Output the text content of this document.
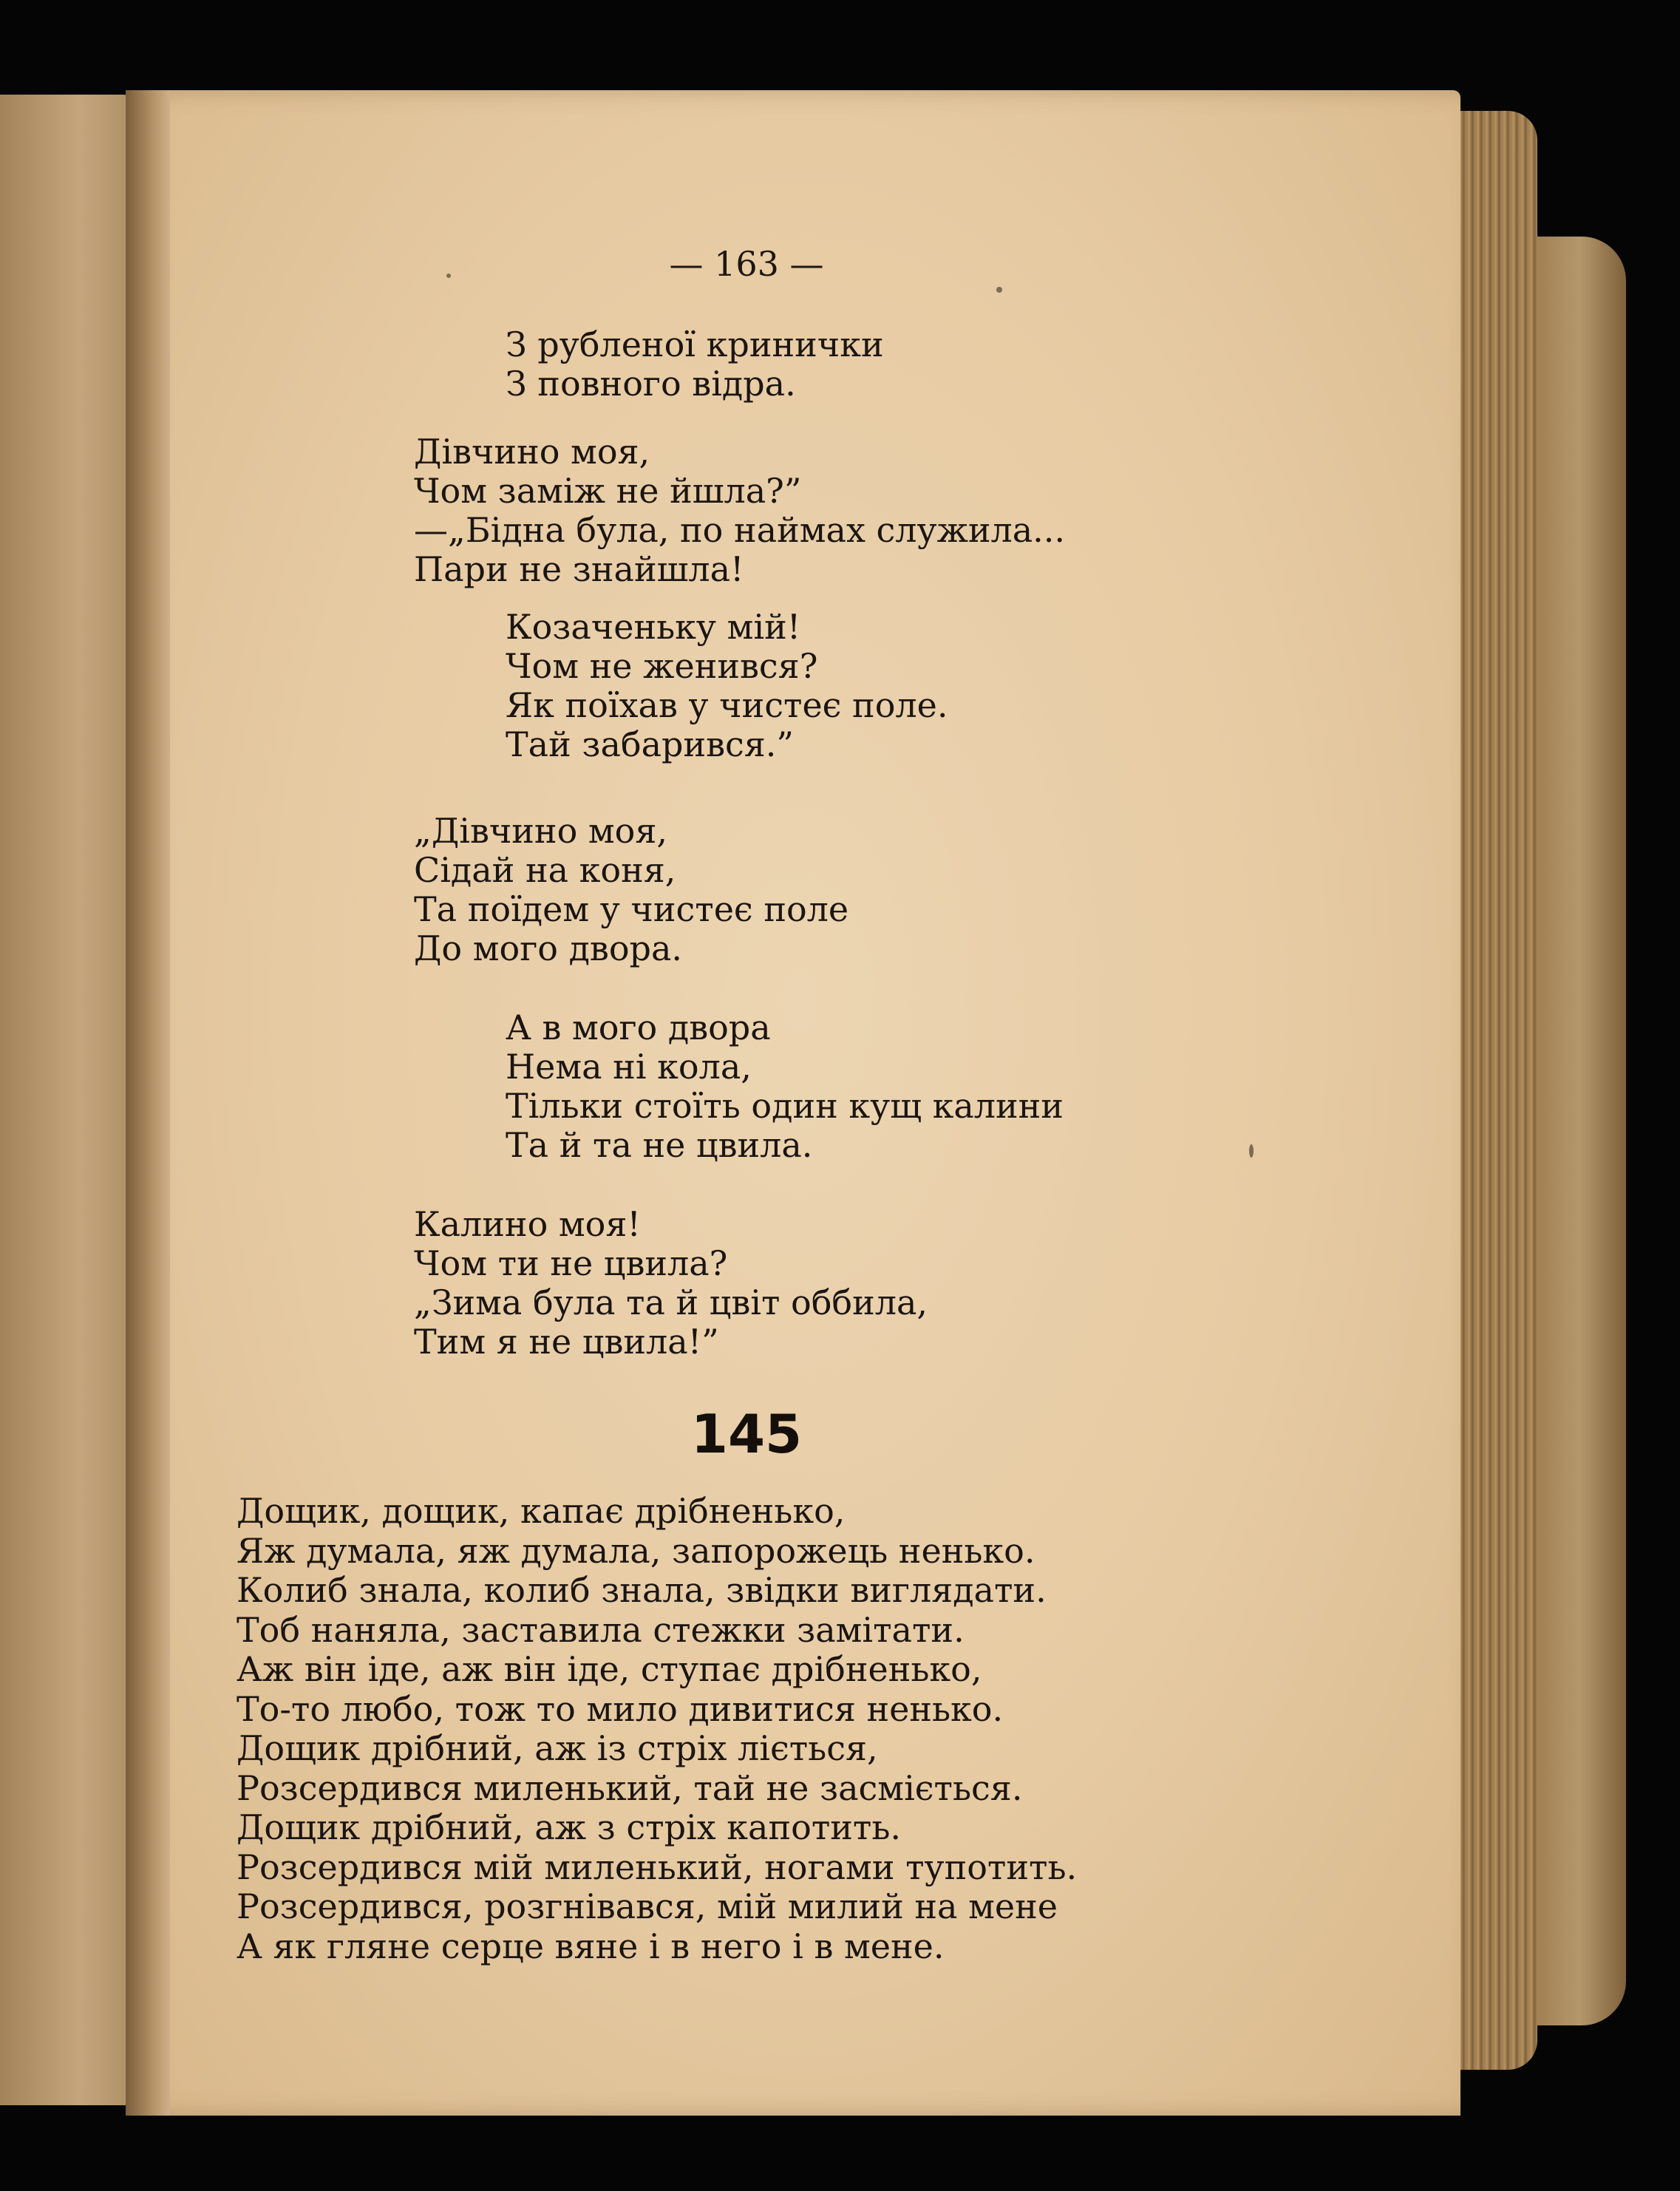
— 163 —

З рубленої кринички
З повного відра.
Дівчино моя,
Чом заміж не йшла?”
—„Бідна була, по наймах служила...
Пари не знайшла!
Козаченьку мій!
Чом не женився?
Як поїхав у чистеє поле.
Тай забарився.”
„Дівчино моя,
Сідай на коня,
Та поїдем у чистеє поле
До мого двора.
А в мого двора
Нема ні кола,
Тільки стоїть один кущ калини
Та й та не цвила.
Калино моя!
Чом ти не цвила?
„Зима була та й цвіт оббила,
Тим я не цвила!”
145
Дощик, дощик, капає дрібненько,
Яж думала, яж думала, запорожець ненько.
Колиб знала, колиб знала, звідки виглядати.
Тоб наняла, заставила стежки замітати.
Аж він іде, аж він іде, ступає дрібненько,
То-то любо, тож то мило дивитися ненько.
Дощик дрібний, аж із стріх ліється,
Розсердився миленький, тай не засміється.
Дощик дрібний, аж з стріх капотить.
Розсердився мій миленький, ногами тупотить.
Розсердився, розгнівався, мій милий на мене
А як гляне серце вяне і в него і в мене.
